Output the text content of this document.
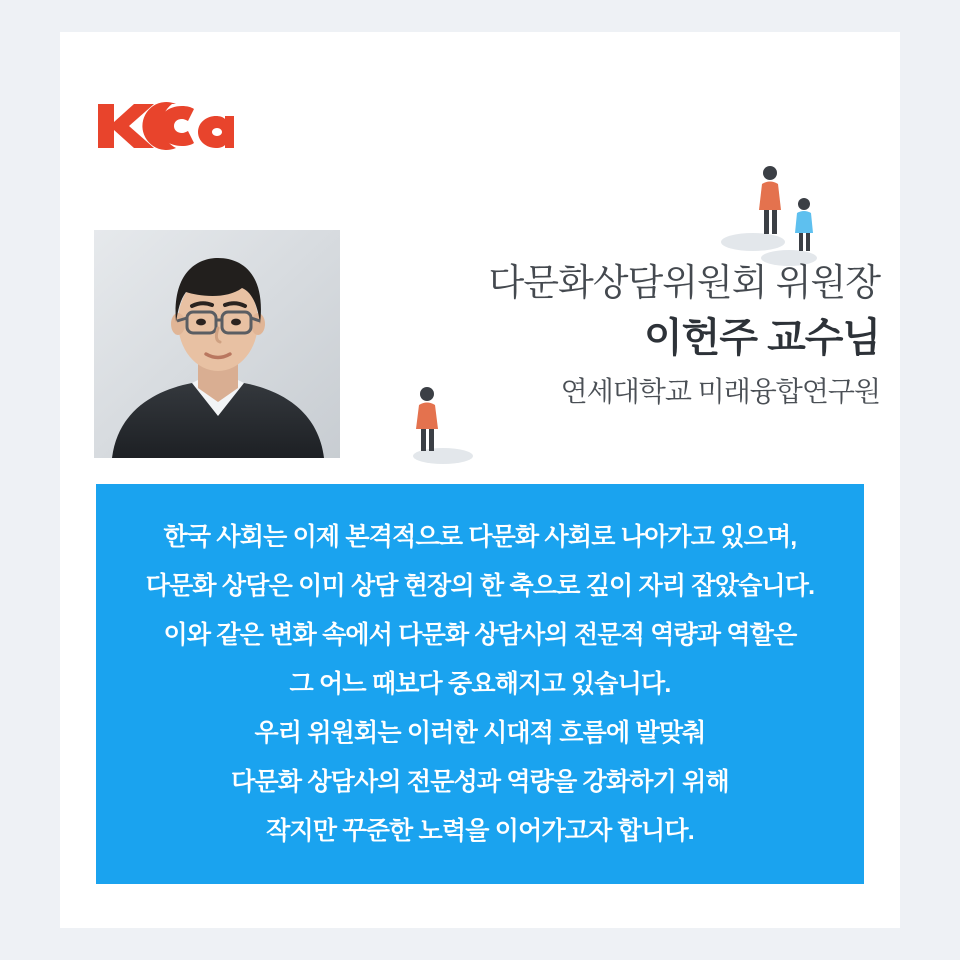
다문화상담위원회 위원장
이헌주 교수님
연세대학교 미래융합연구원

한국 사회는 이제 본격적으로 다문화 사회로 나아가고 있으며,

다문화 상담은 이미 상담 현장의 한 축으로 깊이 자리 잡았습니다.

이와 같은 변화 속에서 다문화 상담사의 전문적 역량과 역할은

그 어느 때보다 중요해지고 있습니다.

우리 위원회는 이러한 시대적 흐름에 발맞춰

다문화 상담사의 전문성과 역량을 강화하기 위해

작지만 꾸준한 노력을 이어가고자 합니다.
